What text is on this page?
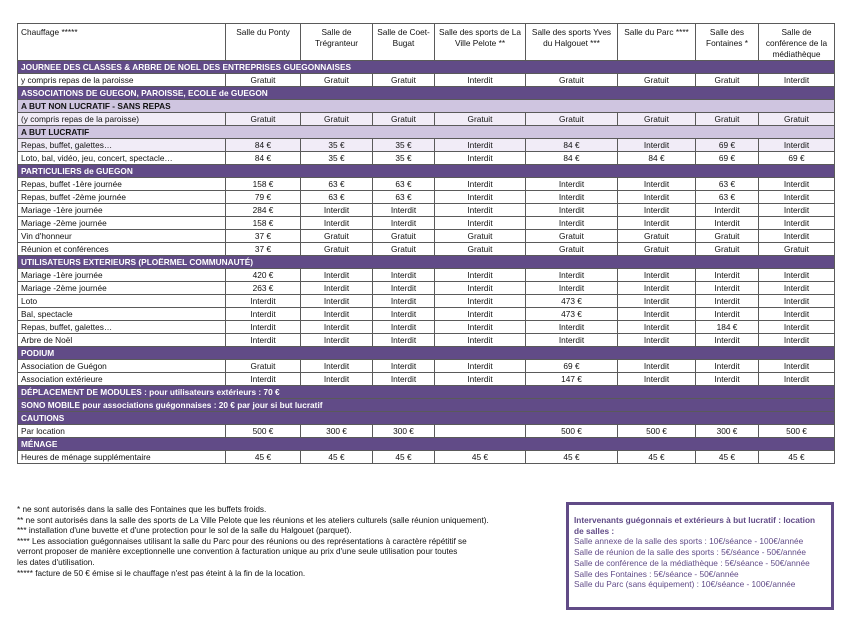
Chauffage *****	Salle du Ponty	Salle de Trégranteur	Salle de Coet-Bugat	Salle des sports de La Ville Pelote **	Salle des sports Yves du Halgouet ***	Salle du Parc ****	Salle des Fontaines *	Salle de conférence de la médiathèque
JOURNEE DES CLASSES & ARBRE DE NOEL DES ENTREPRISES GUEGONNAISES								
y compris repas de la paroisse	Gratuit	Gratuit	Gratuit	Interdit	Gratuit	Gratuit	Gratuit	Interdit
ASSOCIATIONS DE GUEGON, PAROISSE, ECOLE de GUEGON								
A BUT NON LUCRATIF - SANS REPAS								
(y compris repas de la paroisse)	Gratuit	Gratuit	Gratuit	Gratuit	Gratuit	Gratuit	Gratuit	Gratuit
A BUT LUCRATIF								
Repas, buffet, galettes…	84 €	35 €	35 €	Interdit	84 €	Interdit	69 €	Interdit
Loto, bal, vidéo, jeu, concert, spectacle…	84 €	35 €	35 €	Interdit	84 €	84 €	69 €	69 €
PARTICULIERS de GUEGON								
Repas, buffet -1ère journée	158 €	63 €	63 €	Interdit	Interdit	Interdit	63 €	Interdit
Repas, buffet -2ème journée	79 €	63 €	63 €	Interdit	Interdit	Interdit	63 €	Interdit
Mariage -1ère journée	284 €	Interdit	Interdit	Interdit	Interdit	Interdit	Interdit	Interdit
Mariage -2ème journée	158 €	Interdit	Interdit	Interdit	Interdit	Interdit	Interdit	Interdit
Vin d'honneur	37 €	Gratuit	Gratuit	Gratuit	Gratuit	Gratuit	Gratuit	Interdit
Réunion et conférences	37 €	Gratuit	Gratuit	Gratuit	Gratuit	Gratuit	Gratuit	Gratuit
UTILISATEURS EXTERIEURS (PLOËRMEL COMMUNAUTÉ)								
Mariage -1ère journée	420 €	Interdit	Interdit	Interdit	Interdit	Interdit	Interdit	Interdit
Mariage -2ème journée	263 €	Interdit	Interdit	Interdit	Interdit	Interdit	Interdit	Interdit
Loto	Interdit	Interdit	Interdit	Interdit	473 €	Interdit	Interdit	Interdit
Bal, spectacle	Interdit	Interdit	Interdit	Interdit	473 €	Interdit	Interdit	Interdit
Repas, buffet, galettes…	Interdit	Interdit	Interdit	Interdit	Interdit	Interdit	184 €	Interdit
Arbre de Noël	Interdit	Interdit	Interdit	Interdit	Interdit	Interdit	Interdit	Interdit
PODIUM								
Association de Guégon	Gratuit	Interdit	Interdit	Interdit	69 €	Interdit	Interdit	Interdit
Association extérieure	Interdit	Interdit	Interdit	Interdit	147 €	Interdit	Interdit	Interdit
DÉPLACEMENT DE MODULES : pour utilisateurs extérieurs : 70 €								
SONO MOBILE pour associations guégonnaises : 20 € par jour si but lucratif								
CAUTIONS								
Par location	500 €	300 €	300 €		500 €	500 €	300 €	500 €
MÉNAGE								
Heures de ménage supplémentaire	45 €	45 €	45 €	45 €	45 €	45 €	45 €	45 €
* ne sont autorisés dans la salle des Fontaines que les buffets froids.
** ne sont autorisés dans la salle des sports de La Ville Pelote que les réunions et les ateliers culturels (salle réunion uniquement).
*** installation d'une buvette et d'une protection pour le sol de la salle du Halgouet (parquet).
**** Les association guégonnaises utilisant la salle du Parc pour des réunions ou des représentations à caractère répétitif se
verront proposer de manière exceptionnelle une convention à facturation unique au prix d'une seule utilisation pour toutes
les dates d'utilisation.
***** facture de 50 € émise si le chauffage n'est pas éteint à la fin de la location.
Intervenants guégonnais et extérieurs à but lucratif : location de salles :
Salle annexe de la salle des sports : 10€/séance - 100€/année
Salle de réunion de la salle des sports : 5€/séance - 50€/année
Salle de conférence de la médiathèque : 5€/séance - 50€/année
Salle des Fontaines : 5€/séance - 50€/année
Salle du Parc (sans équipement) : 10€/séance - 100€/année
